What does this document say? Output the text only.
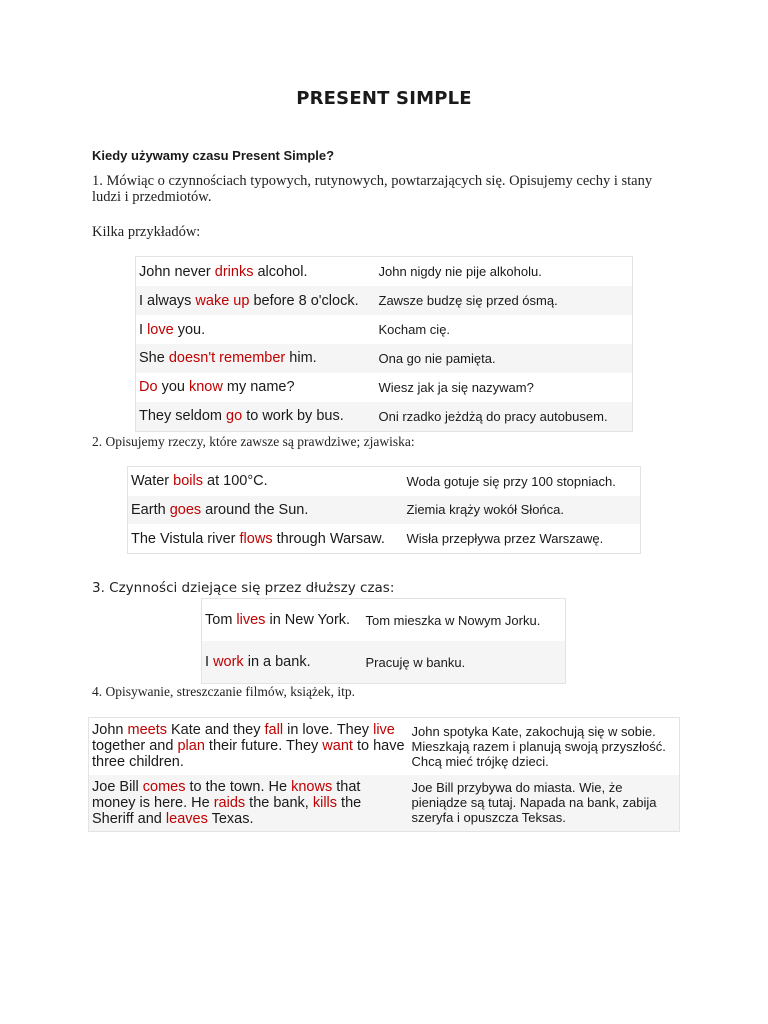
PRESENT SIMPLE
Kiedy używamy czasu Present Simple?
1. Mówiąc o czynnościach typowych, rutynowych, powtarzających się. Opisujemy cechy i stany ludzi i przedmiotów.
Kilka przykładów:
John never drinks alcohol.	John nigdy nie pije alkoholu.
I always wake up before 8 o'clock.	Zawsze budzę się przed ósmą.
I love you.	Kocham cię.
She doesn't remember him.	Ona go nie pamięta.
Do you know my name?	Wiesz jak ja się nazywam?
They seldom go to work by bus.	Oni rzadko jeżdżą do pracy autobusem.
2. Opisujemy rzeczy, które zawsze są prawdziwe; zjawiska:
Water boils at 100°C.	Woda gotuje się przy 100 stopniach.
Earth goes around the Sun.	Ziemia krąży wokół Słońca.
The Vistula river flows through Warsaw.	Wisła przepływa przez Warszawę.
3. Czynności dziejące się przez dłuższy czas:
Tom lives in New York.	Tom mieszka w Nowym Jorku.
I work in a bank.	Pracuję w banku.
4. Opisywanie, streszczanie filmów, książek, itp.
John meets Kate and they fall in love. They live together and plan their future. They want to have three children.	John spotyka Kate, zakochują się w sobie. Mieszkają razem i planują swoją przyszłość. Chcą mieć trójkę dzieci.
Joe Bill comes to the town. He knows that money is here. He raids the bank, kills the Sheriff and leaves Texas.	Joe Bill przybywa do miasta. Wie, że pieniądze są tutaj. Napada na bank, zabija szeryfa i opuszcza Teksas.
